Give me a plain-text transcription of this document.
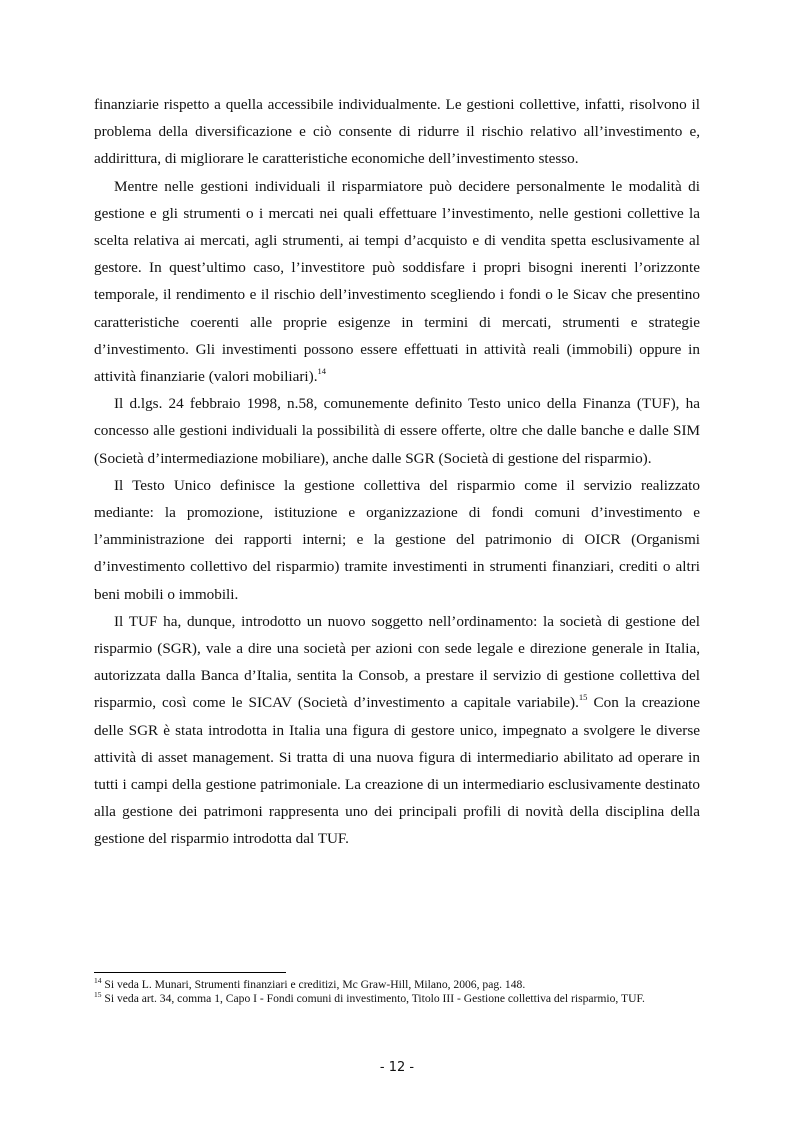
finanziarie rispetto a quella accessibile individualmente. Le gestioni collettive, infatti, risolvono il problema della diversificazione e ciò consente di ridurre il rischio relativo all’investimento e, addirittura, di migliorare le caratteristiche economiche dell’investimento stesso.

Mentre nelle gestioni individuali il risparmiatore può decidere personalmente le modalità di gestione e gli strumenti o i mercati nei quali effettuare l’investimento, nelle gestioni collettive la scelta relativa ai mercati, agli strumenti, ai tempi d’acquisto e di vendita spetta esclusivamente al gestore. In quest’ultimo caso, l’investitore può soddisfare i propri bisogni inerenti l’orizzonte temporale, il rendimento e il rischio dell’investimento scegliendo i fondi o le Sicav che presentino caratteristiche coerenti alle proprie esigenze in termini di mercati, strumenti e strategie d’investimento. Gli investimenti possono essere effettuati in attività reali (immobili) oppure in attività finanziarie (valori mobiliari).$^{14}$

Il d.lgs. 24 febbraio 1998, n.58, comunemente definito Testo unico della Finanza (TUF), ha concesso alle gestioni individuali la possibilità di essere offerte, oltre che dalle banche e dalle SIM (Società d’intermediazione mobiliare), anche dalle SGR (Società di gestione del risparmio).

Il Testo Unico definisce la gestione collettiva del risparmio come il servizio realizzato mediante: la promozione, istituzione e organizzazione di fondi comuni d’investimento e l’amministrazione dei rapporti interni; e la gestione del patrimonio di OICR (Organismi d’investimento collettivo del risparmio) tramite investimenti in strumenti finanziari, crediti o altri beni mobili o immobili.

Il TUF ha, dunque, introdotto un nuovo soggetto nell’ordinamento: la società di gestione del risparmio (SGR), vale a dire una società per azioni con sede legale e direzione generale in Italia, autorizzata dalla Banca d’Italia, sentita la Consob, a prestare il servizio di gestione collettiva del risparmio, così come le SICAV (Società d’investimento a capitale variabile).$^{15}$ Con la creazione delle SGR è stata introdotta in Italia una figura di gestore unico, impegnato a svolgere le diverse attività di asset management. Si tratta di una nuova figura di intermediario abilitato ad operare in tutti i campi della gestione patrimoniale. La creazione di un intermediario esclusivamente destinato alla gestione dei patrimoni rappresenta uno dei principali profili di novità della disciplina della gestione del risparmio introdotta dal TUF.

$^{14}$ Si veda L. Munari, Strumenti finanziari e creditizi, Mc Graw-Hill, Milano, 2006, pag. 148.

$^{15}$ Si veda art. 34, comma 1, Capo I - Fondi comuni di investimento, Titolo III - Gestione collettiva del risparmio, TUF.

- 12 -
